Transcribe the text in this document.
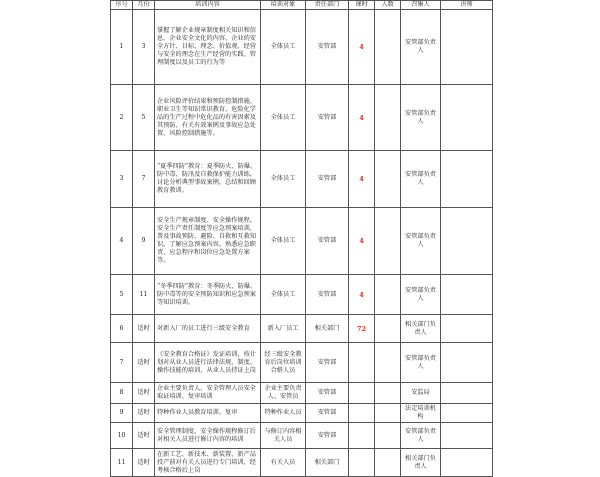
序号	月份	培训内容	培训对象	责任部门	课时	人数	召集人	讲师
1	3	掌握了解企业规章制度相关知识和信息、企业安全文化的内容、企业的安全方针、目标、理念、价值观、经营与安全的理念在生产经营的实践、管理制度以及员工的行为等	全体员工	安管部	4		安管部负责人	
2	5	企业风险评价结果和预防控制措施、职业卫生等知识常识教育、危险化学品的生产过程中危化品的有害因素及其预防、有关有效案例及事故应急处置、风险控制措施等。	全体员工	安管部	4		安管部负责人	
3	7	“夏季四防”教育：夏季防火、防爆、防中毒、防汛及自救保护能力训练，讨论分析典型事故案例，总结和回顾教育教训。	全体员工	安管部	4		安管部负责人	
4	9	安全生产规章制度、安全操作规程、安全生产责任制度等应急预案培训，普及事故预防、避险、自救和互救知识，了解应急预案内容，熟悉应急职责、应急程序和岗位应急处置方案等。	全体员工	安管部	4		安管部负责人	
5	11	“冬季四防”教育：冬季防火、防爆、防中毒等的安全预防知识和应急预案等知识培训。	全体员工	安管部	4		安管部负责人	
6	适时	对新入厂的员工进行三级安全教育	新入厂员工	相关部门	72		相关部门负责人	
7	适时	《安全教育合格证》发证培训，按计划对从业人员进行法律法规、制度、操作技能的培训，从业人员持证上岗	经三级安全教育后岗位培训合格人员	安管部			安管部负责人	
8	适时	企业主要负责人、安全管理人员安全取证培训、复审培训	企业主要负责人、安管员	安管部			安监局	
9	适时	特种作业人员教育培训、复审	特种作业人员	安管部			法定培训机构	
10	适时	安全管理制度、安全操作规程修订后对相关人员进行修订内容的培训	与修订内容相关人员	安管部			安管部负责人	
11	适时	在新工艺、新技术、新装置、新产品投产前对有关人员进行专门培训，经考核合格后上岗	有关人员	相关部门			相关部门负责人	
